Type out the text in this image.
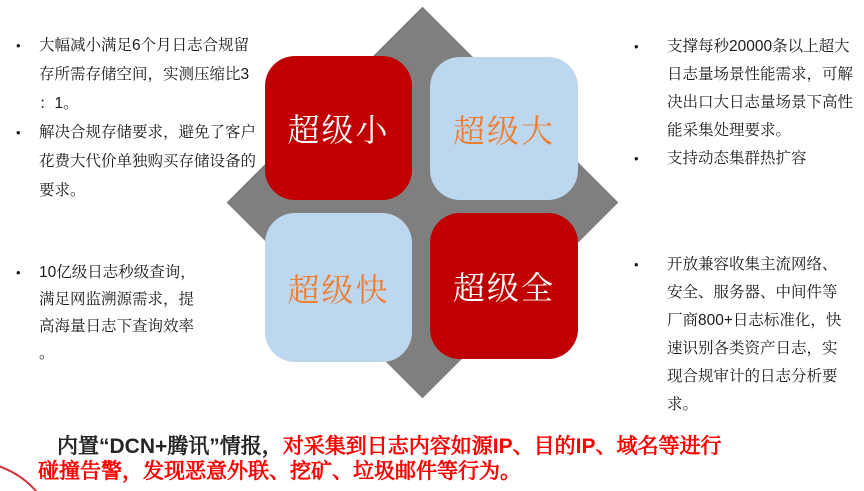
超级小 超级大
超级快 超级全
• 大幅减小满足6个月日志合规留存所需存储空间，实测压缩比3：1。
• 解决合规存储要求，避免了客户花费大代价单独购买存储设备的要求。
• 10亿级日志秒级查询，满足网监溯源需求，提高海量日志下查询效率。
• 支撑每秒20000条以上超大日志量场景性能需求，可解决出口大日志量场景下高性能采集处理要求。
• 支持动态集群热扩容
• 开放兼容收集主流网络、安全、服务器、中间件等厂商800+日志标准化，快速识别各类资产日志，实现合规审计的日志分析要求。
内置“DCN+腾讯”情报，对采集到日志内容如源IP、目的IP、域名等进行
碰撞告警，发现恶意外联、挖矿、垃圾邮件等行为。
